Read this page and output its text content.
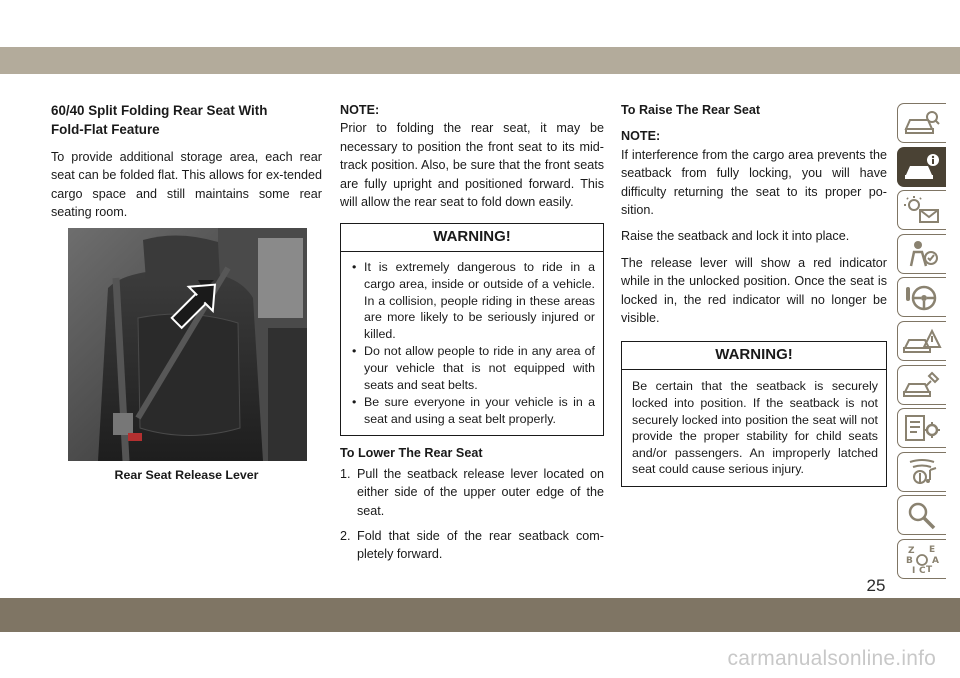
60/40 Split Folding Rear Seat With
Fold-Flat Feature

To provide additional storage area, each rear seat can be folded flat. This allows for ex-tended cargo space and still maintains some rear seating room.

Rear Seat Release Lever
NOTE:

Prior to folding the rear seat, it may be necessary to position the front seat to its mid-track position. Also, be sure that the front seats are fully upright and positioned forward. This will allow the rear seat to fold down easily.

WARNING!
• It is extremely dangerous to ride in a cargo area, inside or outside of a vehicle. In a collision, people riding in these areas are more likely to be seriously injured or killed.
• Do not allow people to ride in any area of your vehicle that is not equipped with seats and seat belts.
• Be sure everyone in your vehicle is in a seat and using a seat belt properly.
To Lower The Rear Seat
1. Pull the seatback release lever located on either side of the upper outer edge of the seat.
2. Fold that side of the rear seatback com-pletely forward.
To Raise The Rear Seat
NOTE:

If interference from the cargo area prevents the seatback from fully locking, you will have difficulty returning the seat to its proper po-sition.

Raise the seatback and lock it into place.

The release lever will show a red indicator while in the unlocked position. Once the seat is locked in, the red indicator will no longer be visible.

WARNING!
Be certain that the seatback is securely locked into position. If the seatback is not securely locked into position the seat will not provide the proper stability for child seats and/or passengers. An improperly latched seat could cause serious injury.
Z E
B A
I C T
25
carmanualsonline.info
